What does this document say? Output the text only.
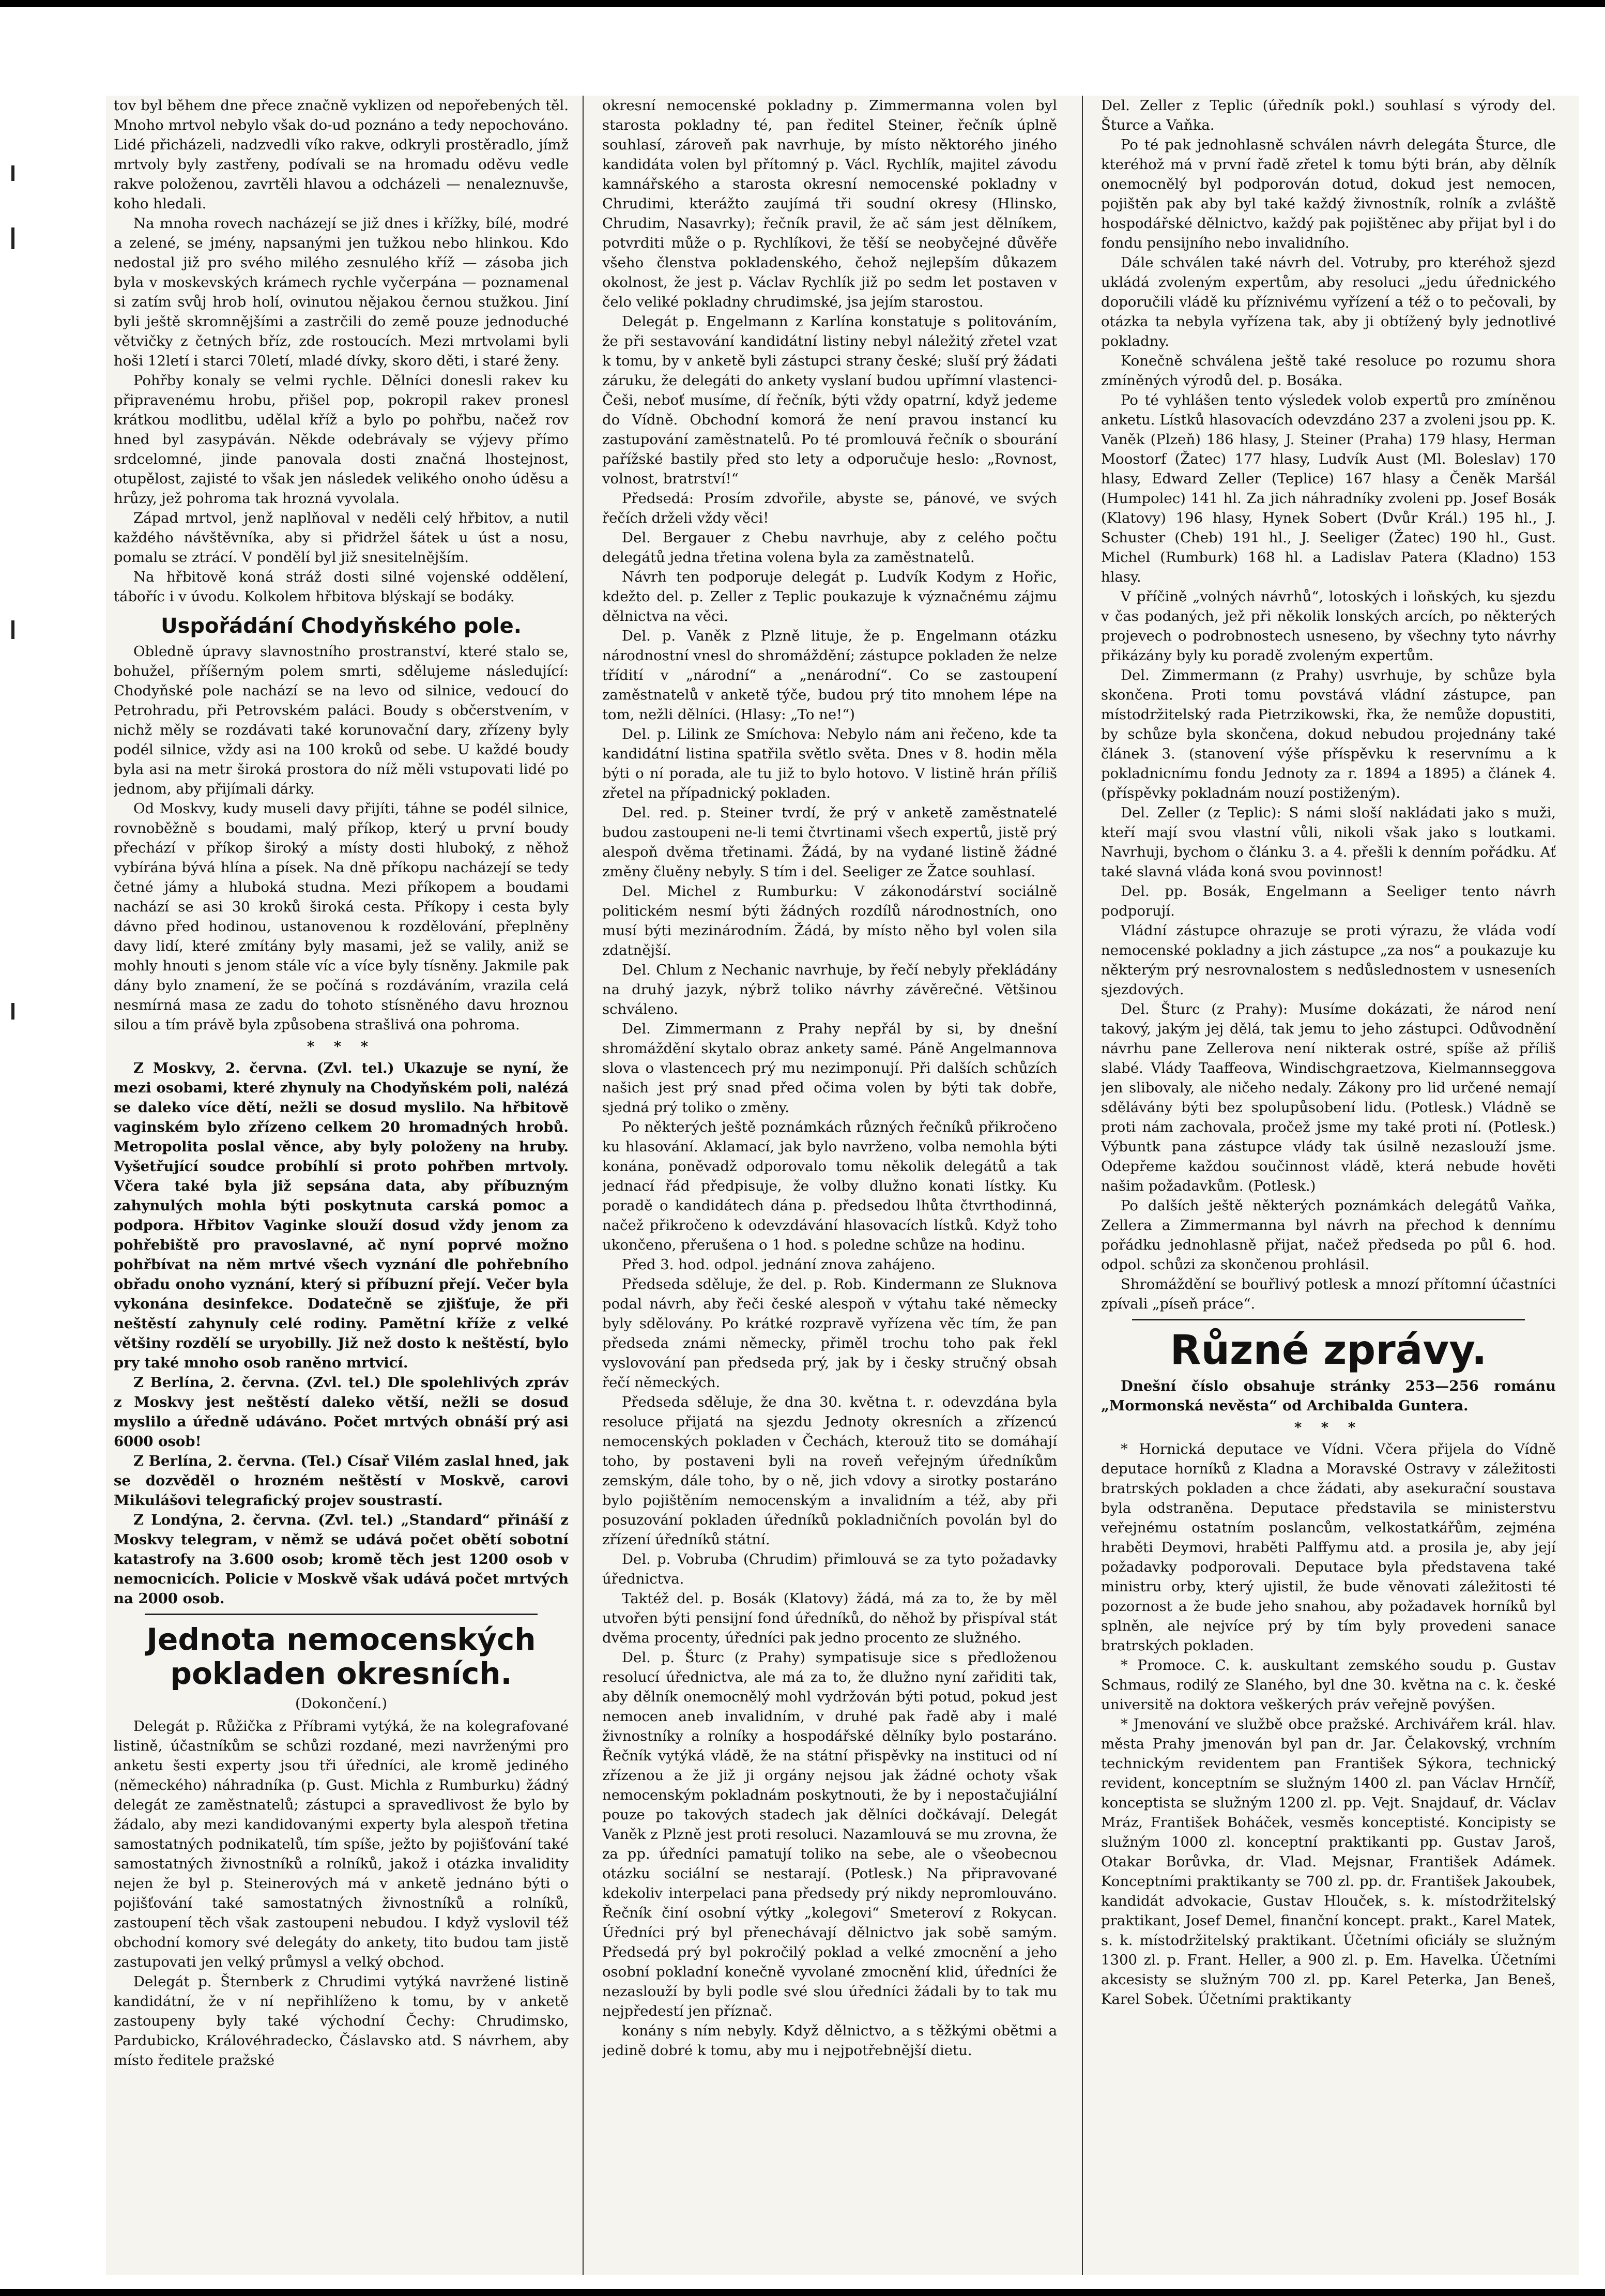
tov byl během dne přece značně vyklizen od nepořebených těl. Mnoho mrtvol nebylo však do-ud poznáno a tedy nepochováno. Lidé přicházeli, nadzvedli víko rakve, odkryli prostěradlo, jímž mrtvoly byly zastřeny, podívali se na hromadu oděvu vedle rakve položenou, zavrtěli hlavou a odcházeli — nenaleznuvše, koho hledali.

Na mnoha rovech nacházejí se již dnes i křížky, bílé, modré a zelené, se jmény, napsanými jen tužkou nebo hlinkou. Kdo nedostal již pro svého milého zesnulého kříž — zásoba jich byla v moskevských krámech rychle vyčerpána — poznamenal si zatím svůj hrob holí, ovinutou nějakou černou stužkou. Jiní byli ještě skromnějšími a zastrčili do země pouze jednoduché větvičky z četných bříz, zde rostoucích. Mezi mrtvolami byli hoši 12letí i starci 70letí, mladé dívky, skoro děti, i staré ženy.

Pohřby konaly se velmi rychle. Dělníci donesli rakev ku připravenému hrobu, přišel pop, pokropil rakev pronesl krátkou modlitbu, udělal kříž a bylo po pohřbu, načež rov hned byl zasypáván. Někde odebrávaly se výjevy přímo srdcelomné, jinde panovala dosti značná lhostejnost, otupělost, zajisté to však jen následek velikého onoho úděsu a hrůzy, jež pohroma tak hrozná vyvolala.

Západ mrtvol, jenž naplňoval v neděli celý hřbitov, a nutil každého návštěvníka, aby si přidržel šátek u úst a nosu, pomalu se ztrácí. V pondělí byl již snesitelnějším.

Na hřbitově koná stráž dosti silné vojenské oddělení, táboříc i v úvodu. Kolkolem hřbitova blýskají se bodáky.

Uspořádání Chodyňského pole.

Obledně úpravy slavnostního prostranství, které stalo se, bohužel, příšerným polem smrti, sdělujeme následující: Chodyňské pole nachází se na levo od silnice, vedoucí do Petrohradu, při Petrovském paláci. Boudy s občerstvením, v nichž měly se rozdávati také korunovační dary, zřízeny byly podél silnice, vždy asi na 100 kroků od sebe. U každé boudy byla asi na metr široká prostora do níž měli vstupovati lidé po jednom, aby přijímali dárky.

Od Moskvy, kudy museli davy přijíti, táhne se podél silnice, rovnoběžně s boudami, malý příkop, který u první boudy přechází v příkop široký a místy dosti hluboký, z něhož vybírána bývá hlína a písek. Na dně příkopu nacházejí se tedy četné jámy a hluboká studna. Mezi příkopem a boudami nachází se asi 30 kroků široká cesta. Příkopy i cesta byly dávno před hodinou, ustanovenou k rozdělování, přeplněny davy lidí, které zmítány byly masami, jež se valily, aniž se mohly hnouti s jenom stále víc a více byly tísněny. Jakmile pak dány bylo znamení, že se počíná s rozdáváním, vrazila celá nesmírná masa ze zadu do tohoto stísněného davu hroznou silou a tím právě byla způsobena strašlivá ona pohroma.

* * *

Z Moskvy, 2. června. (Zvl. tel.) Ukazuje se nyní, že mezi osobami, které zhynuly na Chodyňském poli, nalézá se daleko více dětí, nežli se dosud myslilo. Na hřbitově vaginském bylo zřízeno celkem 20 hromadných hrobů. Metropolita poslal věnce, aby byly položeny na hruby. Vyšetřující soudce probíhlí si proto pohřben mrtvoly. Včera také byla již sepsána data, aby příbuzným zahynulých mohla býti poskytnuta carská pomoc a podpora. Hřbitov Vaginke slouží dosud vždy jenom za pohřebiště pro pravoslavné, ač nyní poprvé možno pohřbívat na něm mrtvé všech vyznání dle pohřebního obřadu onoho vyznání, který si příbuzní přejí. Večer byla vykonána desinfekce. Dodatečně se zjišťuje, že při neštěstí zahynuly celé rodiny. Pamětní kříže z velké většiny rozdělí se uryobilly. Již než dosto k neštěstí, bylo pry také mnoho osob raněno mrtvicí.

Z Berlína, 2. června. (Zvl. tel.) Dle spolehlivých zpráv z Moskvy jest neštěstí daleko větší, nežli se dosud myslilo a úředně udáváno. Počet mrtvých obnáší prý asi 6000 osob!

Z Berlína, 2. června. (Tel.) Císař Vilém zaslal hned, jak se dozvěděl o hrozném neštěstí v Moskvě, carovi Mikulášovi telegrafický projev soustrastí.

Z Londýna, 2. června. (Zvl. tel.) „Standard“ přináší z Moskvy telegram, v němž se udává počet obětí sobotní katastrofy na 3.600 osob; kromě těch jest 1200 osob v nemocnicích. Policie v Moskvě však udává počet mrtvých na 2000 osob.

Jednota nemocenských pokladen okresních.
(Dokončení.)

Delegát p. Růžička z Příbrami vytýká, že na kolegrafované listině, účastníkům se schůzi rozdané, mezi navrženými pro anketu šesti experty jsou tři úředníci, ale kromě jediného (německého) náhradníka (p. Gust. Michla z Rumburku) žádný delegát ze zaměstnatelů; zástupci a spravedlivost že bylo by žádalo, aby mezi kandidovanými experty byla alespoň třetina samostatných podnikatelů, tím spíše, ježto by pojišťování také samostatných živnostníků a rolníků, jakož i otázka invalidity nejen že byl p. Steinerových má v anketě jednáno býti o pojišťování také samostatných živnostníků a rolníků, zastoupení těch však zastoupeni nebudou. I když vyslovil též obchodní komory své delegáty do ankety, tito budou tam jistě zastupovati jen velký průmysl a velký obchod.

Delegát p. Šternberk z Chrudimi vytýká navržené listině kandidátní, že v ní nepřihlíženo k tomu, by v anketě zastoupeny byly také východní Čechy: Chrudimsko, Pardubicko, Královéhradecko, Čáslavsko atd. S návrhem, aby místo ředitele pražské

okresní nemocenské pokladny p. Zimmermanna volen byl starosta pokladny té, pan ředitel Steiner, řečník úplně souhlasí, zároveň pak navrhuje, by místo něktorého jiného kandidáta volen byl přítomný p. Václ. Rychlík, majitel závodu kamnářského a starosta okresní nemocenské pokladny v Chrudimi, kterážto zaujímá tři soudní okresy (Hlinsko, Chrudim, Nasavrky); řečník pravil, že ač sám jest dělníkem, potvrditi může o p. Rychlíkovi, že těší se neobyčejné důvěře všeho členstva pokladenského, čehož nejlepším důkazem okolnost, že jest p. Václav Rychlík již po sedm let postaven v čelo veliké pokladny chrudimské, jsa jejím starostou.

Delegát p. Engelmann z Karlína konstatuje s politováním, že při sestavování kandidátní listiny nebyl náležitý zřetel vzat k tomu, by v anketě byli zástupci strany české; sluší prý žádati záruku, že delegáti do ankety vyslaní budou upřímní vlastenci-Češi, neboť musíme, dí řečník, býti vždy opatrní, když jedeme do Vídně. Obchodní komorá že není pravou instancí ku zastupování zaměstnatelů. Po té promlouvá řečník o sbourání pařížské bastily před sto lety a odporučuje heslo: „Rovnost, volnost, bratrství!“

Předsedá: Prosím zdvořile, abyste se, pánové, ve svých řečích drželi vždy věci!

Del. Bergauer z Chebu navrhuje, aby z celého počtu delegátů jedna třetina volena byla za zaměstnatelů.

Návrh ten podporuje delegát p. Ludvík Kodym z Hořic, kdežto del. p. Zeller z Teplic poukazuje k význačnému zájmu dělnictva na věci.

Del. p. Vaněk z Plzně lituje, že p. Engelmann otázku národnostní vnesl do shromáždění; zástupce pokladen že nelze třídití v „národní“ a „nenárodní“. Co se zastoupení zaměstnatelů v anketě týče, budou prý tito mnohem lépe na tom, nežli dělníci. (Hlasy: „To ne!“)

Del. p. Lilink ze Smíchova: Nebylo nám ani řečeno, kde ta kandidátní listina spatřila světlo světa. Dnes v 8. hodin měla býti o ní porada, ale tu již to bylo hotovo. V listině hrán příliš zřetel na případnický pokladen.

Del. red. p. Steiner tvrdí, že prý v anketě zaměstnatelé budou zastoupeni ne-li temi čtvrtinami všech expertů, jistě prý alespoň dvěma třetinami. Žádá, by na vydané listině žádné změny čluěny nebyly. S tím i del. Seeliger ze Žatce souhlasí.

Del. Michel z Rumburku: V zákonodárství sociálně politickém nesmí býti žádných rozdílů národnostních, ono musí býti mezinárodním. Žádá, by místo něho byl volen sila zdatnější.

Del. Chlum z Nechanic navrhuje, by řečí nebyly překládány na druhý jazyk, nýbrž toliko návrhy závěrečné. Většinou schváleno.

Del. Zimmermann z Prahy nepřál by si, by dnešní shromáždění skytalo obraz ankety samé. Páně Angelmannova slova o vlastencech prý mu nezimponují. Při dalších schůzích našich jest prý snad před očima volen by býti tak dobře, sjedná prý toliko o změny.

Po některých ještě poznámkách různých řečníků přikročeno ku hlasování. Aklamací, jak bylo navrženo, volba nemohla býti konána, poněvadž odporovalo tomu několik delegátů a tak jednací řád předpisuje, že volby dlužno konati lístky. Ku poradě o kandidátech dána p. předsedou lhůta čtvrthodinná, načež přikročeno k odevzdávání hlasovacích lístků. Když toho ukončeno, přerušena o 1 hod. s poledne schůze na hodinu.

Před 3. hod. odpol. jednání znova zahájeno.

Předseda sděluje, že del. p. Rob. Kindermann ze Sluknova podal návrh, aby řeči české alespoň v výtahu také německy byly sdělovány. Po krátké rozpravě vyřízena věc tím, že pan předseda známi německy, přiměl trochu toho pak řekl vyslovování pan předseda prý, jak by i česky stručný obsah řečí německých.

Předseda sděluje, že dna 30. května t. r. odevzdána byla resoluce přijatá na sjezdu Jednoty okresních a zřízencú nemocenských pokladen v Čechách, kterouž tito se domáhají toho, by postaveni byli na roveň veřejným úředníkům zemským, dále toho, by o ně, jich vdovy a sirotky postaráno bylo pojištěním nemocenským a invalidním a též, aby při posuzování pokladen úředníků pokladničních povolán byl do zřízení úředníků státní.

Del. p. Vobruba (Chrudim) přimlouvá se za tyto požadavky úřednictva.

Taktéž del. p. Bosák (Klatovy) žádá, má za to, že by měl utvořen býti pensijní fond úředníků, do něhož by přispíval stát dvěma procenty, úředníci pak jedno procento ze služného.

Del. p. Šturc (z Prahy) sympatisuje sice s předloženou resolucí úřednictva, ale má za to, že dlužno nyní zařiditi tak, aby dělník onemocnělý mohl vydržován býti potud, pokud jest nemocen aneb invalidním, v druhé pak řadě aby i malé živnostníky a rolníky a hospodářské dělníky bylo postaráno. Řečník vytýká vládě, že na státní přispěvky na instituci od ní zřízenou a že již ji orgány nejsou jak žádné ochoty však nemocenským pokladnám poskytnouti, že by i nepostačujiální pouze po takových stadech jak dělníci dočkávají. Delegát Vaněk z Plzně jest proti resoluci. Nazamlouvá se mu zrovna, že za pp. úředníci pamatují toliko na sebe, ale o všeobecnou otázku sociální se nestarají. (Potlesk.) Na připravované kdekoliv interpelaci pana předsedy prý nikdy nepromlouváno. Řečník činí osobní výtky „kolegovi“ Smeteroví z Rokycan. Úředníci prý byl přenechávají dělnictvo jak sobě samým. Předsedá prý byl pokročilý poklad a velké zmocnění a jeho osobní pokladní konečně vyvolané zmocnění klid, úředníci že nezaslouží by byli podle své slou úředníci žádali by to tak mu nejpředestí jen příznač.

konány s ním nebyly. Když dělnictvo, a s těžkými obětmi a jedině dobré k tomu, aby mu i nejpotřebnější dietu.

Del. Zeller z Teplic (úředník pokl.) souhlasí s výrody del. Šturce a Vaňka.

Po té pak jednohlasně schválen návrh delegáta Šturce, dle kteréhož má v první řadě zřetel k tomu býti brán, aby dělník onemocnělý byl podporován dotud, dokud jest nemocen, pojištěn pak aby byl také každý živnostník, rolník a zvláště hospodářské dělnictvo, každý pak pojištěnec aby přijat byl i do fondu pensijního nebo invalidního.

Dále schválen také návrh del. Votruby, pro kteréhož sjezd ukládá zvoleným expertům, aby resoluci „jedu úřednického doporučili vládě ku příznivému vyřízení a též o to pečovali, by otázka ta nebyla vyřízena tak, aby ji obtížený byly jednotlivé pokladny.

Konečně schválena ještě také resoluce po rozumu shora zmíněných výrodů del. p. Bosáka.

Po té vyhlášen tento výsledek volob expertů pro zmíněnou anketu. Lístků hlasovacích odevzdáno 237 a zvoleni jsou pp. K. Vaněk (Plzeň) 186 hlasy, J. Steiner (Praha) 179 hlasy, Herman Moostorf (Žatec) 177 hlasy, Ludvík Aust (Ml. Boleslav) 170 hlasy, Edward Zeller (Teplice) 167 hlasy a Čeněk Maršál (Humpolec) 141 hl. Za jich náhradníky zvoleni pp. Josef Bosák (Klatovy) 196 hlasy, Hynek Sobert (Dvůr Král.) 195 hl., J. Schuster (Cheb) 191 hl., J. Seeliger (Žatec) 190 hl., Gust. Michel (Rumburk) 168 hl. a Ladislav Patera (Kladno) 153 hlasy.

V příčině „volných návrhů“, lotoských i loňských, ku sjezdu v čas podaných, jež při několik lonských arcích, po některých projevech o podrobnostech usneseno, by všechny tyto návrhy přikázány byly ku poradě zvoleným expertům.

Del. Zimmermann (z Prahy) usvrhuje, by schůze byla skončena. Proti tomu povstává vládní zástupce, pan místodržitelský rada Pietrzikowski, řka, že nemůže dopustiti, by schůze byla skončena, dokud nebudou projednány také článek 3. (stanovení výše příspěvku k reservnímu a k pokladnicnímu fondu Jednoty za r. 1894 a 1895) a článek 4. (příspěvky pokladnám nouzí postiženým).

Del. Zeller (z Teplic): S námi sloší nakládati jako s muži, kteří mají svou vlastní vůli, nikoli však jako s loutkami. Navrhuji, bychom o článku 3. a 4. přešli k denním pořádku. Ať také slavná vláda koná svou povinnost!

Del. pp. Bosák, Engelmann a Seeliger tento návrh podporují.

Vládní zástupce ohrazuje se proti výrazu, že vláda vodí nemocenské pokladny a jich zástupce „za nos“ a poukazuje ku některým prý nesrovnalostem s nedůslednostem v usneseních sjezdových.

Del. Šturc (z Prahy): Musíme dokázati, že národ není takový, jakým jej dělá, tak jemu to jeho zástupci. Odůvodnění návrhu pane Zellerova není nikterak ostré, spíše až příliš slabé. Vlády Taaffeova, Windischgraetzova, Kielmannseggova jen slibovaly, ale ničeho nedaly. Zákony pro lid určené nemají sdělávány býti bez spolupůsobení lidu. (Potlesk.) Vládně se proti nám zachovala, pročež jsme my také proti ní. (Potlesk.) Výbuntk pana zástupce vlády tak úsilně nezaslouží jsme. Odepřeme každou součinnost vládě, která nebude hověti našim požadavkům. (Potlesk.)

Po dalších ještě některých poznámkách delegátů Vaňka, Zellera a Zimmermanna byl návrh na přechod k dennímu pořádku jednohlasně přijat, načež předseda po půl 6. hod. odpol. schůzi za skončenou prohlásil.

Shromáždění se bouřlivý potlesk a mnozí přítomní účastníci zpívali „píseň práce“.

Různé zprávy.

Dnešní číslo obsahuje stránky 253—256 románu „Mormonská nevěsta“ od Archibalda Guntera.

* * *

* Hornická deputace ve Vídni. Včera přijela do Vídně deputace horníků z Kladna a Moravské Ostravy v záležitosti bratrských pokladen a chce žádati, aby asekurační soustava byla odstraněna. Deputace představila se ministerstvu veřejnému ostatním poslancům, velkostatkářům, zejména hraběti Deymovi, hraběti Palffymu atd. a prosila je, aby její požadavky podporovali. Deputace byla představena také ministru orby, který ujistil, že bude věnovati záležitosti té pozornost a že bude jeho snahou, aby požadavek horníků byl splněn, ale nejvíce prý by tím byly provedeni sanace bratrských pokladen.

* Promoce. C. k. auskultant zemského soudu p. Gustav Schmaus, rodilý ze Slaného, byl dne 30. května na c. k. české universitě na doktora veškerých práv veřejně povýšen.

* Jmenování ve službě obce pražské. Archivářem král. hlav. města Prahy jmenován byl pan dr. Jar. Čelakovský, vrchním technickým revidentem pan František Sýkora, technický revident, konceptním se služným 1400 zl. pan Václav Hrnčíř, konceptista se služným 1200 zl. pp. Vejt. Snajdauf, dr. Václav Mráz, František Boháček, vesměs konceptisté. Koncipisty se služným 1000 zl. konceptní praktikanti pp. Gustav Jaroš, Otakar Borůvka, dr. Vlad. Mejsnar, František Adámek. Konceptními praktikanty se 700 zl. pp. dr. František Jakoubek, kandidát advokacie, Gustav Hlouček, s. k. místodržitelský praktikant, Josef Demel, finanční koncept. prakt., Karel Matek, s. k. místodržitelský praktikant. Účetními oficiály se služným 1300 zl. p. Frant. Heller, a 900 zl. p. Em. Havelka. Účetními akcesisty se služným 700 zl. pp. Karel Peterka, Jan Beneš, Karel Sobek. Účetními praktikanty
